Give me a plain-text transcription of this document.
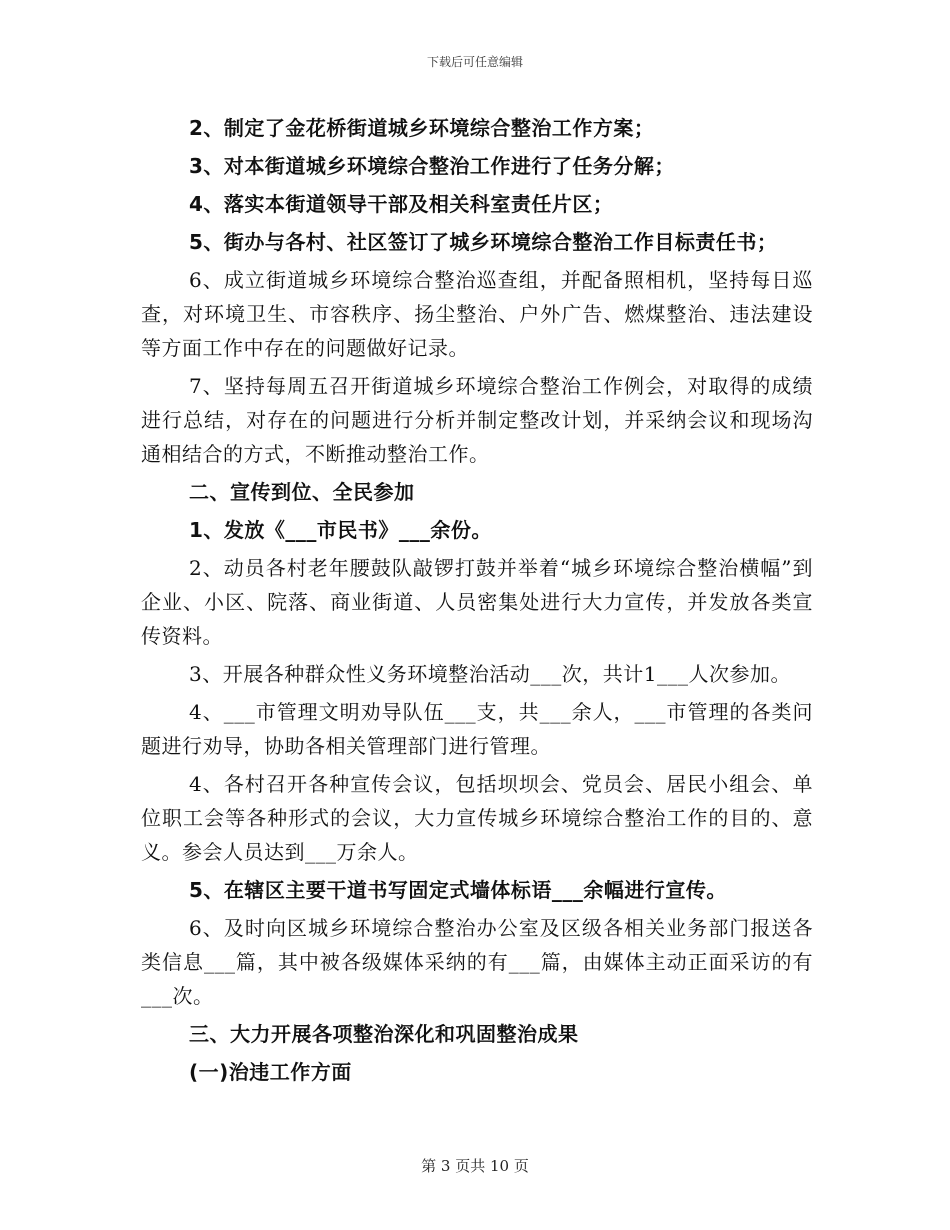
下载后可任意编辑

2、制定了金花桥街道城乡环境综合整治工作方案；

3、对本街道城乡环境综合整治工作进行了任务分解；

4、落实本街道领导干部及相关科室责任片区；

5、街办与各村、社区签订了城乡环境综合整治工作目标责任书；

6、成立街道城乡环境综合整治巡查组，并配备照相机，坚持每日巡查，对环境卫生、市容秩序、扬尘整治、户外广告、燃煤整治、违法建设等方面工作中存在的问题做好记录。

7、坚持每周五召开街道城乡环境综合整治工作例会，对取得的成绩进行总结，对存在的问题进行分析并制定整改计划，并采纳会议和现场沟通相结合的方式，不断推动整治工作。

二、宣传到位、全民参加

1、发放《___市民书》___余份。

2、动员各村老年腰鼓队敲锣打鼓并举着“城乡环境综合整治横幅”到企业、小区、院落、商业街道、人员密集处进行大力宣传，并发放各类宣传资料。

3、开展各种群众性义务环境整治活动___次，共计1___人次参加。

4、___市管理文明劝导队伍___支，共___余人，___市管理的各类问题进行劝导，协助各相关管理部门进行管理。

4、各村召开各种宣传会议，包括坝坝会、党员会、居民小组会、单位职工会等各种形式的会议，大力宣传城乡环境综合整治工作的目的、意义。参会人员达到___万余人。

5、在辖区主要干道书写固定式墙体标语___余幅进行宣传。

6、及时向区城乡环境综合整治办公室及区级各相关业务部门报送各类信息___篇，其中被各级媒体采纳的有___篇，由媒体主动正面采访的有___次。

三、大力开展各项整治深化和巩固整治成果

(一)治违工作方面

第 3 页共 10 页
